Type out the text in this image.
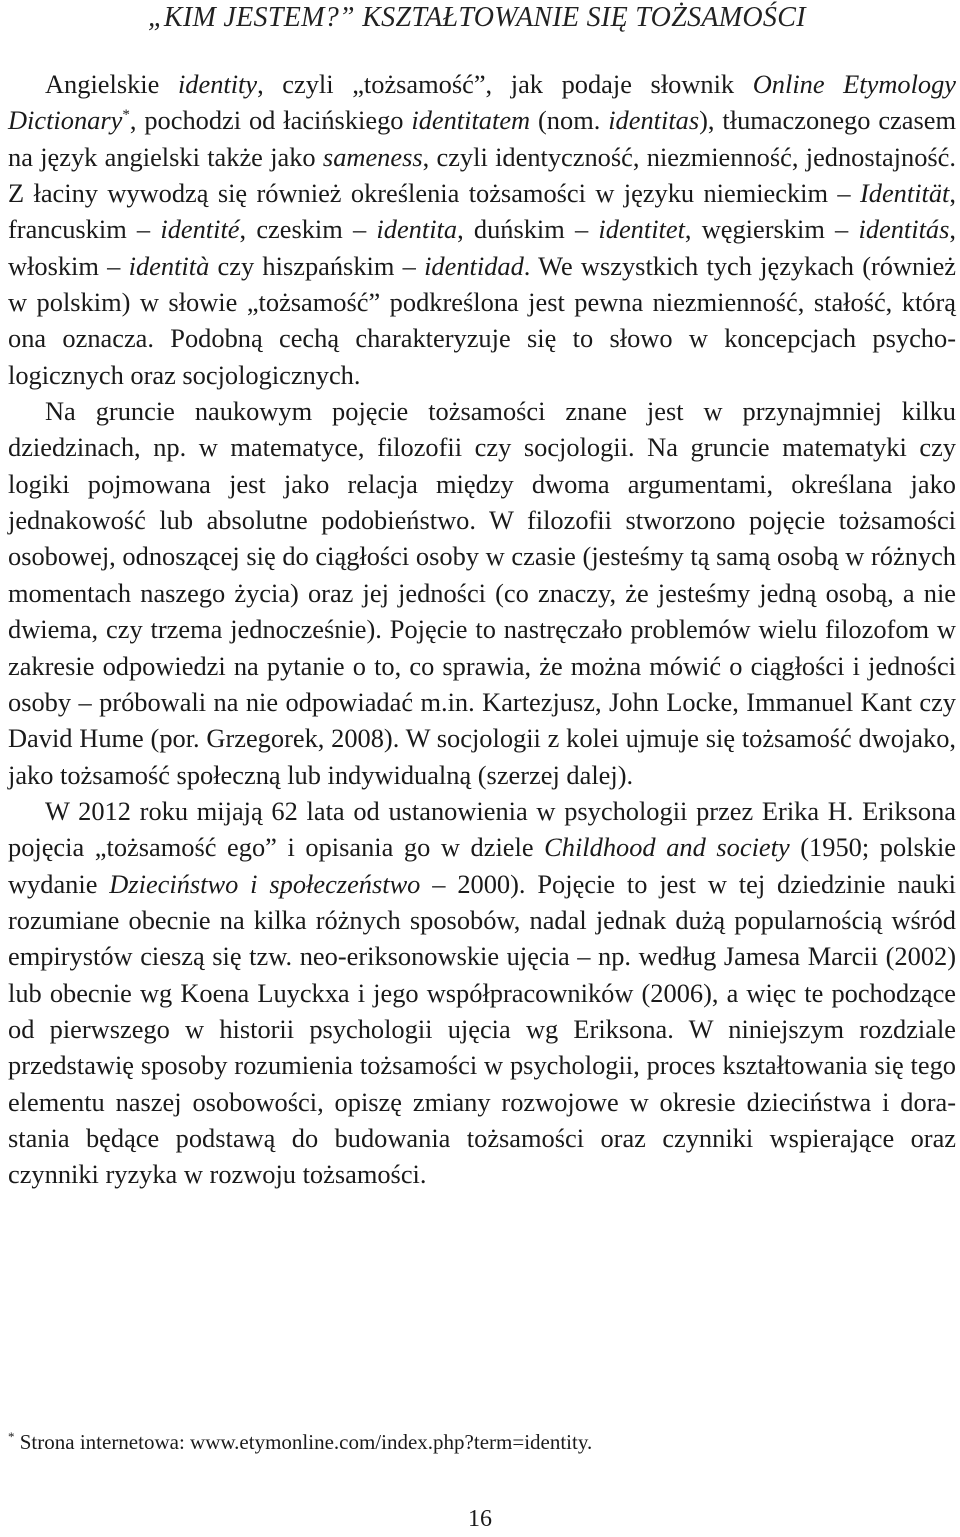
„KIM JESTEM?” KSZTAŁTOWANIE SIĘ TOŻSAMOŚCI

Angielskie identity, czyli „tożsamość”, jak podaje słownik Online Etymology Dictionary*, pochodzi od łacińskiego identitatem (nom. identitas), tłumaczonego czasem na język angielski także jako sameness, czyli identyczność, niezmienność, jednostajność. Z łaciny wywodzą się również określenia tożsamości w języku niemieckim – Identität, francuskim – identité, czeskim – identita, duńskim – identitet, węgierskim – identitás, włoskim – identità czy hiszpańskim – identidad. We wszystkich tych językach (również w polskim) w słowie „tożsamość” podkreślona jest pewna niezmienność, stałość, którą ona oznacza. Podobną cechą charakteryzuje się to słowo w koncepcjach psychologicznych oraz socjologicznych.

Na gruncie naukowym pojęcie tożsamości znane jest w przynajmniej kilku dziedzinach, np. w matematyce, filozofii czy socjologii. Na gruncie matematyki czy logiki pojmowana jest jako relacja między dwoma argumentami, określana jako jednakowość lub absolutne podobieństwo. W filozofii stworzono pojęcie tożsamości osobowej, odnoszącej się do ciągłości osoby w czasie (jesteśmy tą samą osobą w różnych momentach naszego życia) oraz jej jedności (co znaczy, że jesteśmy jedną osobą, a nie dwiema, czy trzema jednocześnie). Pojęcie to nastręczało problemów wielu filozofom w zakresie odpowiedzi na pytanie o to, co sprawia, że można mówić o ciągłości i jedności osoby – próbowali na nie odpowiadać m.in. Kartezjusz, John Locke, Immanuel Kant czy David Hume (por. Grzegorek, 2008). W socjologii z kolei ujmuje się tożsamość dwojako, jako tożsamość społeczną lub indywidualną (szerzej dalej).

W 2012 roku mijają 62 lata od ustanowienia w psychologii przez Erika H. Eriksona pojęcia „tożsamość ego” i opisania go w dziele Childhood and society (1950; polskie wydanie Dzieciństwo i społeczeństwo – 2000). Pojęcie to jest w tej dziedzinie nauki rozumiane obecnie na kilka różnych sposobów, nadal jednak dużą popularnością wśród empirystów cieszą się tzw. neo-eriksonowskie ujęcia – np. według Jamesa Marcii (2002) lub obecnie wg Koena Luyckxa i jego współpracowników (2006), a więc te pochodzące od pierwszego w historii psychologii ujęcia wg Eriksona. W niniejszym rozdziale przedstawię sposoby rozumienia tożsamości w psychologii, proces kształtowania się tego elementu naszej osobowości, opiszę zmiany rozwojowe w okresie dzieciństwa i dorastania będące podstawą do budowania tożsamości oraz czynniki wspierające oraz czynniki ryzyka w rozwoju tożsamości.

* Strona internetowa: www.etymonline.com/index.php?term=identity.

16
